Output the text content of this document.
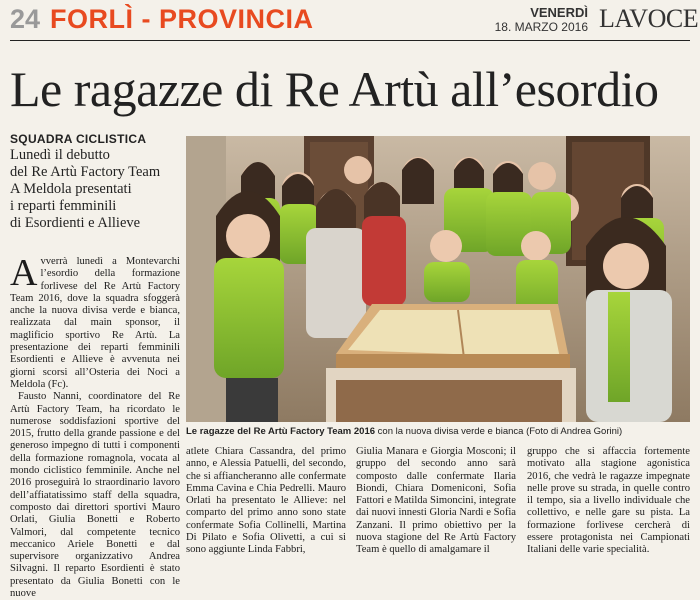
24 FORLÌ - PROVINCIA	VENERDÌ
18. MARZO 2016 LAVOCE
Le ragazze di Re Artù all’esordio
SQUADRA CICLISTICA
Lunedì il debutto
del Re Artù Factory Team
A Meldola presentati
i reparti femminili
di Esordienti e Allieve

Avverrà lunedì a Montevarchi l’esordio della formazione forlivese del Re Artù Factory Team 2016, dove la squadra sfoggerà anche la nuova divisa verde e bianca, realizzata dal main sponsor, il maglificio sportivo Re Artù. La presentazione dei reparti femminili Esordienti e Allieve è avvenuta nei giorni scorsi all’Osteria dei Noci a Meldola (Fc).

Fausto Nanni, coordinatore del Re Artù Factory Team, ha ricordato le numerose soddisfazioni sportive del 2015, frutto della grande passione e del generoso impegno di tutti i componenti della formazione romagnola, vocata al mondo ciclistico femminile. Anche nel 2016 proseguirà lo straordinario lavoro dell’affiatatissimo staff della squadra, composto dai direttori sportivi Mauro Orlati, Giulia Bonetti e Roberto Valmori, dal competente tecnico meccanico Ariele Bonetti e dal supervisore organizzativo Andrea Silvagni. Il reparto Esordienti è stato presentato da Giulia Bonetti con le nuove

Le ragazze del Re Artù Factory Team 2016 con la nuova divisa verde e bianca (Foto di Andrea Gorini)

atlete Chiara Cassandra, del primo anno, e Alessia Patuelli, del secondo, che si affiancheranno alle confermate Emma Cavina e Chia Pedrelli. Mauro Orlati ha presentato le Allieve: nel comparto del primo anno sono state confermate Sofia Collinelli, Martina Di Pilato e Sofia Olivetti, a cui si sono aggiunte Linda Fabbri,

Giulia Manara e Giorgia Mosconi; il gruppo del secondo anno sarà composto dalle confermate Ilaria Biondi, Chiara Domeniconi, Sofia Fattori e Matilda Simoncini, integrate dai nuovi innesti Gloria Nardi e Sofia Zanzani. Il primo obiettivo per la nuova stagione del Re Artù Factory Team è quello di amalgamare il

gruppo che si affaccia fortemente motivato alla stagione agonistica 2016, che vedrà le ragazze impegnate nelle prove su strada, in quelle contro il tempo, sia a livello individuale che collettivo, e nelle gare su pista. La formazione forlivese cercherà di essere protagonista nei Campionati Italiani delle varie specialità.
